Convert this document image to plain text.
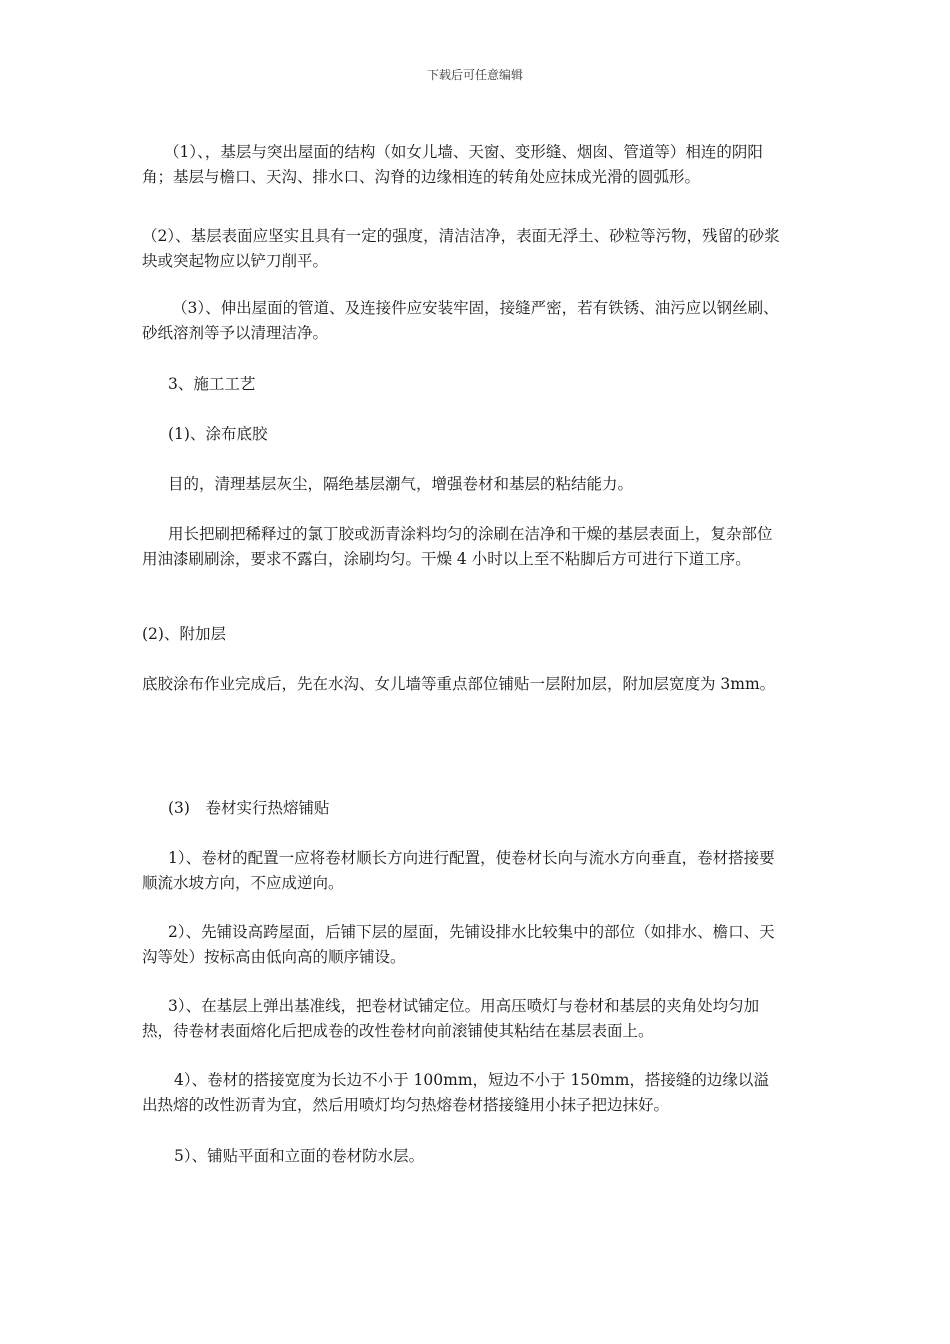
下载后可任意编辑

（1）、，基层与突出屋面的结构（如女儿墙、天窗、变形缝、烟囱、管道等）相连的阴阳角；基层与檐口、天沟、排水口、沟脊的边缘相连的转角处应抹成光滑的圆弧形。

（2）、基层表面应坚实且具有一定的强度，清洁洁净，表面无浮土、砂粒等污物，残留的砂浆块或突起物应以铲刀削平。

（3）、伸出屋面的管道、及连接件应安装牢固，接缝严密，若有铁锈、油污应以钢丝刷、砂纸溶剂等予以清理洁净。

3、施工工艺

(1)、涂布底胶

目的，清理基层灰尘，隔绝基层潮气，增强卷材和基层的粘结能力。

用长把刷把稀释过的氯丁胶或沥青涂料均匀的涂刷在洁净和干燥的基层表面上，复杂部位用油漆刷刷涂，要求不露白，涂刷均匀。干燥 4 小时以上至不粘脚后方可进行下道工序。

(2)、附加层

底胶涂布作业完成后，先在水沟、女儿墙等重点部位铺贴一层附加层，附加层宽度为 3mm。

(3)　卷材实行热熔铺贴

1）、卷材的配置一应将卷材顺长方向进行配置，使卷材长向与流水方向垂直，卷材搭接要顺流水坡方向，不应成逆向。

2）、先铺设高跨屋面，后铺下层的屋面，先铺设排水比较集中的部位（如排水、檐口、天沟等处）按标高由低向高的顺序铺设。

3）、在基层上弹出基准线，把卷材试铺定位。用高压喷灯与卷材和基层的夹角处均匀加热，待卷材表面熔化后把成卷的改性卷材向前滚铺使其粘结在基层表面上。

4）、卷材的搭接宽度为长边不小于 100mm，短边不小于 150mm，搭接缝的边缘以溢出热熔的改性沥青为宜，然后用喷灯均匀热熔卷材搭接缝用小抹子把边抹好。

5）、铺贴平面和立面的卷材防水层。
